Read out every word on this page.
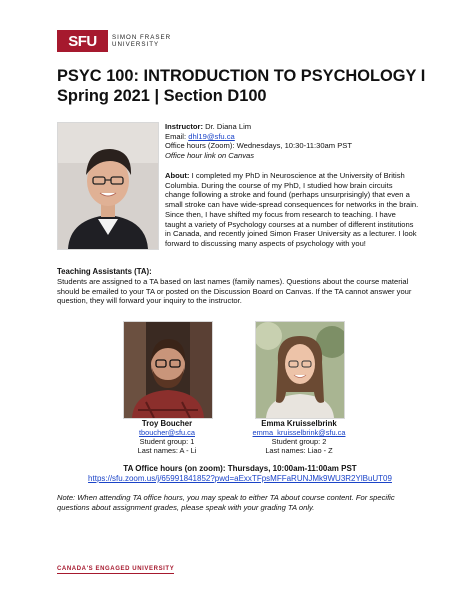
SFU	SIMON FRASER
UNIVERSITY
PSYC 100: INTRODUCTION TO PSYCHOLOGY I
Spring 2021 | Section D100
Instructor: Dr. Diana Lim
Email: dhl19@sfu.ca
Office hours (Zoom): Wednesdays, 10:30-11:30am PST
Office hour link on Canvas
About: I completed my PhD in Neuroscience at the University of British Columbia. During the course of my PhD, I studied how brain circuits change following a stroke and found (perhaps unsurprisingly) that even a small stroke can have wide-spread consequences for networks in the brain. Since then, I have shifted my focus from research to teaching. I have taught a variety of Psychology courses at a number of different institutions in Canada, and recently joined Simon Fraser University as a lecturer. I look forward to discussing many aspects of psychology with you!
Teaching Assistants (TA):
Students are assigned to a TA based on last names (family names). Questions about the course material should be emailed to your TA or posted on the Discussion Board on Canvas. If the TA cannot answer your question, they will forward your inquiry to the instructor.
Troy Boucher
tboucher@sfu.ca
Student group: 1
Last names: A - Li
Emma Kruisselbrink
emma_kruisselbrink@sfu.ca
Student group: 2
Last names: Liao - Z
TA Office hours (on zoom): Thursdays, 10:00am-11:00am PST
https://sfu.zoom.us/j/65991841852?pwd=aExxTFpsMFFaRUNJMk9WU3R2YlBuUT09
Note: When attending TA office hours, you may speak to either TA about course content. For specific questions about assignment grades, please speak with your grading TA only.
CANADA'S ENGAGED UNIVERSITY
